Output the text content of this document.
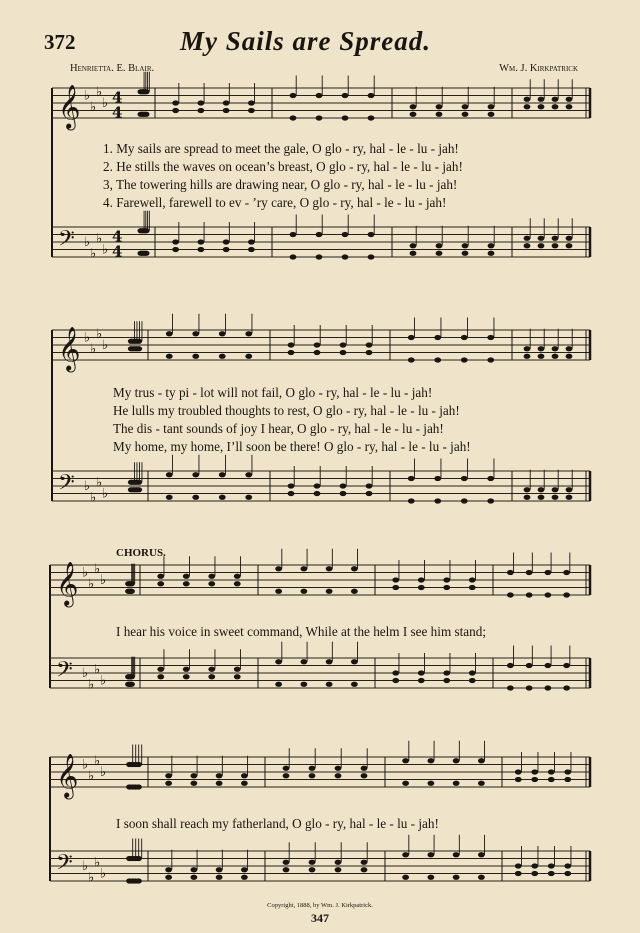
372	My Sails are Spread.
Henrietta. E. Blair.	Wm. J. Kirkpatrick
𝄞 ♭
♭
♭
♭
𝄢 ♭
♭
♭
♭
4
4
4
4
𝄞 ♭
♭
♭
♭
𝄢 ♭
♭
♭
♭
𝄞 ♭
♭
♭
♭
𝄢 ♭
♭
♭
♭
𝄞 ♭
♭
♭
♭
𝄢 ♭
♭
♭
♭
1. My sails are spread to meet the gale, O glo - ry, hal - le - lu - jah!
2. He stills the waves on ocean’s breast, O glo - ry, hal - le - lu - jah!
3, The towering hills are drawing near, O glo - ry, hal - le - lu - jah!
4. Farewell, farewell to ev - ’ry care, O glo - ry, hal - le - lu - jah!
My trus - ty pi - lot will not fail, O glo - ry, hal - le - lu - jah!
He lulls my troubled thoughts to rest, O glo - ry, hal - le - lu - jah!
The dis - tant sounds of joy I hear, O glo - ry, hal - le - lu - jah!
My home, my home, I’ll soon be there! O glo - ry, hal - le - lu - jah!
CHORUS.
I hear his voice in sweet command, While at the helm I see him stand;
I soon shall reach my fatherland, O glo - ry, hal - le - lu - jah!
Copyright, 1888, by Wm. J. Kirkpatrick.
347
